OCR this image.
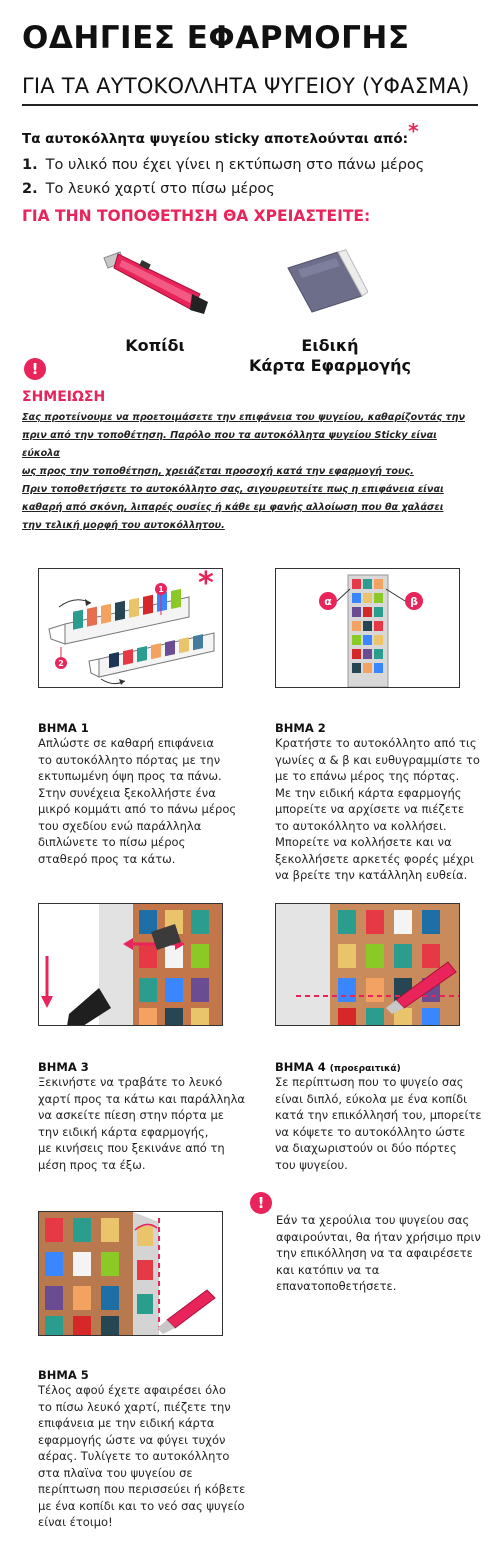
ΟΔΗΓΙΕΣ ΕΦΑΡΜΟΓΗΣ
ΓΙΑ ΤΑ ΑΥΤΟΚΟΛΛΗΤΑ ΨΥΓΕΙΟΥ (ΥΦΑΣΜΑ)
Τα αυτοκόλλητα ψυγείου sticky αποτελούνται από:*
1. Το υλικό που έχει γίνει η εκτύπωση στο πάνω μέρος
2. Το λευκό χαρτί στο πίσω μέρος
ΓΙΑ ΤΗΝ ΤΟΠΟΘΕΤΗΣΗ ΘΑ ΧΡΕΙΑΣΤΕΙΤΕ:
Κοπίδι	Ειδική
Κάρτα Εφαρμογής
!
ΣΗΜΕΙΩΣΗ

Σας προτείνουμε να προετοιμάσετε την επιφάνεια του ψυγείου, καθαρίζοντάς την

πριν από την τοποθέτηση. Παρόλο που τα αυτοκόλλητα ψυγείου Sticky είναι εύκολα

ως προς την τοποθέτηση, χρειάζεται προσοχή κατά την εφαρμογή τους.

Πριν τοποθετήσετε το αυτοκόλλητο σας, σιγουρευτείτε πως η επιφάνεια είναι

καθαρή από σκόνη, λιπαρές ουσίες ή κάθε εμ φανής αλλοίωση που θα χαλάσει

την τελική μορφή του αυτοκόλλητου.

1
2
*
α	β
ΒΗΜΑ 1
Απλώστε σε καθαρή επιφάνεια
το αυτοκόλλητο πόρτας με την
εκτυπωμένη όψη προς τα πάνω.
Στην συνέχεια ξεκολλήστε ένα
μικρό κομμάτι από το πάνω μέρος
του σχεδίου ενώ παράλληλα
διπλώνετε το πίσω μέρος
σταθερό προς τα κάτω.
ΒΗΜΑ 2
Κρατήστε το αυτοκόλλητο από τις
γωνίες α & β και ευθυγραμμίστε το
με το επάνω μέρος της πόρτας.
Με την ειδική κάρτα εφαρμογής
μπορείτε να αρχίσετε να πιέζετε
το αυτοκόλλητο να κολλήσει.
Μπορείτε να κολλήσετε και να
ξεκολλήσετε αρκετές φορές μέχρι
να βρείτε την κατάλληλη ευθεία.
ΒΗΜΑ 3
Ξεκινήστε να τραβάτε το λευκό
χαρτί προς τα κάτω και παράλληλα
να ασκείτε πίεση στην πόρτα με
την ειδική κάρτα εφαρμογής,
με κινήσεις που ξεκινάνε από τη
μέση προς τα έξω.
ΒΗΜΑ 4 (προεραιτικά)
Σε περίπτωση που το ψυγείο σας
είναι διπλό, εύκολα με ένα κοπίδι
κατά την επικόλλησή του, μπορείτε
να κόψετε το αυτοκόλλητο ώστε
να διαχωριστούν οι δύο πόρτες
του ψυγείου.
!
Εάν τα χερούλια του ψυγείου σας
αφαιρούνται, θα ήταν χρήσιμο πριν
την επικόλληση να τα αφαιρέσετε
και κατόπιν να τα
επανατοποθετήσετε.
ΒΗΜΑ 5
Τέλος αφού έχετε αφαιρέσει όλο
το πίσω λευκό χαρτί, πιέζετε την
επιφάνεια με την ειδική κάρτα
εφαρμογής ώστε να φύγει τυχόν
αέρας. Τυλίγετε το αυτοκόλλητο
στα πλαϊνα του ψυγείου σε
περίπτωση που περισσεύει ή κόβετε
με ένα κοπίδι και το νεό σας ψυγείο
είναι έτοιμο!
